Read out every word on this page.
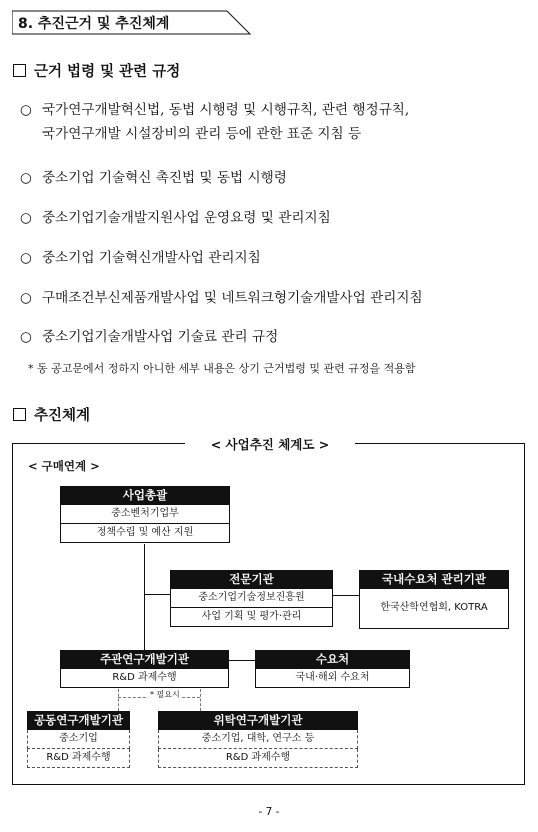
8. 추진근거 및 추진체계
근거 법령 및 관련 규정
○ 국가연구개발혁신법, 동법 시행령 및 시행규칙, 관련 행정규칙,
국가연구개발 시설장비의 관리 등에 관한 표준 지침 등
○ 중소기업 기술혁신 촉진법 및 동법 시행령
○ 중소기업기술개발지원사업 운영요령 및 관리지침
○ 중소기업 기술혁신개발사업 관리지침
○ 구매조건부신제품개발사업 및 네트워크형기술개발사업 관리지침
○ 중소기업기술개발사업 기술료 관리 규정
* 동 공고문에서 정하지 아니한 세부 내용은 상기 근거법령 및 관련 규정을 적용함
추진체계
< 사업추진 체계도 >
< 구매연계 >
* 필요시
사업총괄
중소벤처기업부
정책수립 및 예산 지원
전문기관
중소기업기술정보진흥원
사업 기획 및 평가·관리
국내수요처 관리기관
한국산학연협회, KOTRA
주관연구개발기관
R&D 과제수행
수요처
국내·해외 수요처
공동연구개발기관
중소기업
R&D 과제수행
위탁연구개발기관
중소기업, 대학, 연구소 등
R&D 과제수행
- 7 -
